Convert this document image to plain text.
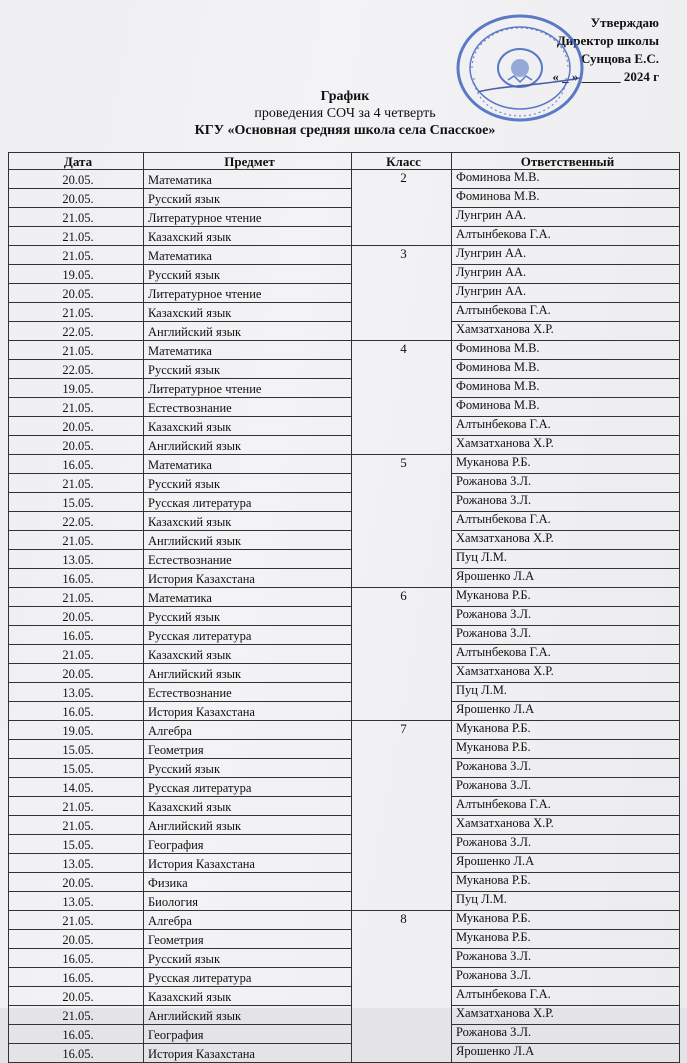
Утверждаю
Директор школы
Сунцова Е.С.
« _ » ______ 2024 г
График
проведения СОЧ за 4 четверть
КГУ «Основная средняя школа села Спасское»
Дата	Предмет	Класс	Ответственный
20.05.	Математика	2	Фоминова М.В.
20.05.	Русский язык		Фоминова М.В.
21.05.	Литературное чтение		Лунгрин АА.
21.05.	Казахский язык		Алтынбекова Г.А.
21.05.	Математика	3	Лунгрин АА.
19.05.	Русский язык		Лунгрин АА.
20.05.	Литературное чтение		Лунгрин АА.
21.05.	Казахский язык		Алтынбекова Г.А.
22.05.	Английский язык		Хамзатханова Х.Р.
21.05.	Математика	4	Фоминова М.В.
22.05.	Русский язык		Фоминова М.В.
19.05.	Литературное чтение		Фоминова М.В.
21.05.	Естествознание		Фоминова М.В.
20.05.	Казахский язык		Алтынбекова Г.А.
20.05.	Английский язык		Хамзатханова Х.Р.
16.05.	Математика	5	Муканова Р.Б.
21.05.	Русский язык		Рожанова З.Л.
15.05.	Русская литература		Рожанова З.Л.
22.05.	Казахский язык		Алтынбекова Г.А.
21.05.	Английский язык		Хамзатханова Х.Р.
13.05.	Естествознание		Пуц Л.М.
16.05.	История Казахстана		Ярошенко Л.А
21.05.	Математика	6	Муканова Р.Б.
20.05.	Русский язык		Рожанова З.Л.
16.05.	Русская литература		Рожанова З.Л.
21.05.	Казахский язык		Алтынбекова Г.А.
20.05.	Английский язык		Хамзатханова Х.Р.
13.05.	Естествознание		Пуц Л.М.
16.05.	История Казахстана		Ярошенко Л.А
19.05.	Алгебра	7	Муканова Р.Б.
15.05.	Геометрия		Муканова Р.Б.
15.05.	Русский язык		Рожанова З.Л.
14.05.	Русская литература		Рожанова З.Л.
21.05.	Казахский язык		Алтынбекова Г.А.
21.05.	Английский язык		Хамзатханова Х.Р.
15.05.	География		Рожанова З.Л.
13.05.	История Казахстана		Ярошенко Л.А
20.05.	Физика		Муканова Р.Б.
13.05.	Биология		Пуц Л.М.
21.05.	Алгебра	8	Муканова Р.Б.
20.05.	Геометрия		Муканова Р.Б.
16.05.	Русский язык		Рожанова З.Л.
16.05.	Русская литература		Рожанова З.Л.
20.05.	Казахский язык		Алтынбекова Г.А.
21.05.	Английский язык		Хамзатханова Х.Р.
16.05.	География		Рожанова З.Л.
16.05.	История Казахстана		Ярошенко Л.А
